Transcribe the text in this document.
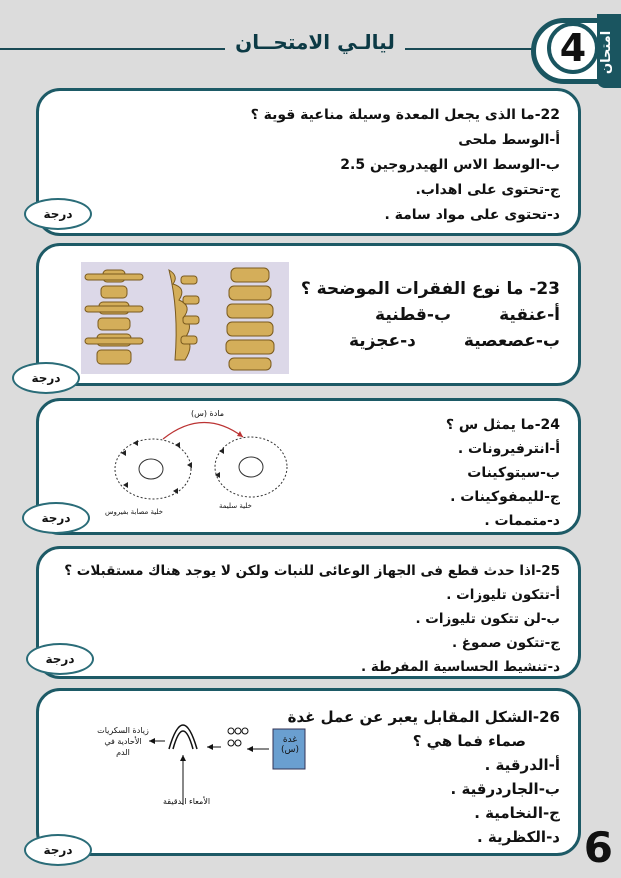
ليالـي الامتحــان	امتحان
4
22-ما الذى يجعل المعدة وسيلة مناعية قوية ؟
أ-الوسط ملحى
ب-الوسط الاس الهيدروجين 2.5
ج-تحتوى على اهداب.
د-تحتوى على مواد سامة .
درجة
23- ما نوع الفقرات الموضحة ؟
أ-عنقية
ب-قطنية
ب-عصعصية
د-عجزية
درجة
مادة (س)
خلية مصابة بفيروس
خلية سليمة
24-ما يمثل س ؟
أ-انترفيرونات .
ب-سيتوكينات
ج-لليمفوكينات .
د-متممات .
درجة
25-اذا حدث قطع فى الجهاز الوعائى للنبات ولكن لا يوجد هناك مستقبلات ؟
أ-تتكون تليوزات .
ب-لن تتكون تليوزات .
ج-تتكون صموغ .
د-تنشيط الحساسية المفرطة .
درجة
غدة (س)
زيادة السكريات الأحادية في الدم
الأمعاء الدقيقة
26-الشكل المقابل يعبر عن عمل غدة
صماء فما هي ؟
أ-الدرقية .
ب-الجاردرقية .
ج-النخامية .
د-الكظرية .
درجة	6
